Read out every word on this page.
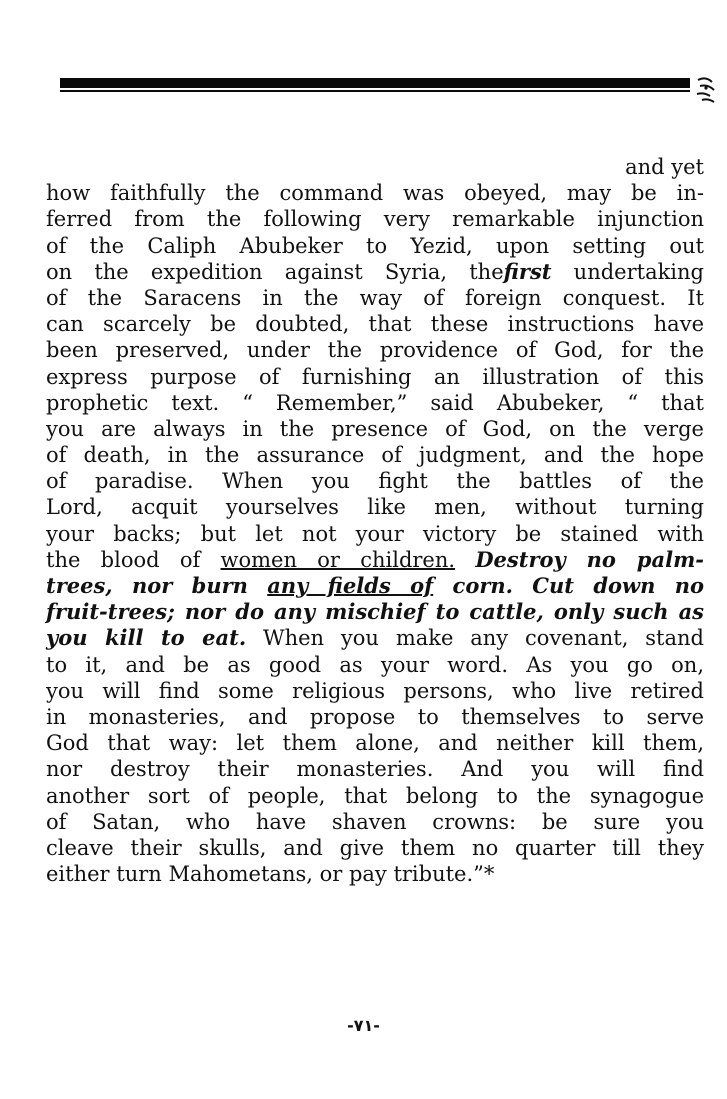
and yet
how faithfully the command was obeyed, may be in-
ferred from the following very remarkable injunction
of the Caliph Abubeker to Yezid, upon setting out
on the expedition against Syria, thefirst undertaking
of the Saracens in the way of foreign conquest. It
can scarcely be doubted, that these instructions have
been preserved, under the providence of God, for the
express purpose of furnishing an illustration of this
prophetic text. “ Remember,” said Abubeker, “ that
you are always in the presence of God, on the verge
of death, in the assurance of judgment, and the hope
of paradise. When you fight the battles of the
Lord, acquit yourselves like men, without turning
your backs; but let not your victory be stained with
the blood of women or children. Destroy no palm-
trees, nor burn any fields of corn. Cut down no
fruit-trees; nor do any mischief to cattle, only such as
you kill to eat. When you make any covenant, stand
to it, and be as good as your word. As you go on,
you will find some religious persons, who live retired
in monasteries, and propose to themselves to serve
God that way: let them alone, and neither kill them,
nor destroy their monasteries. And you will find
another sort of people, that belong to the synagogue
of Satan, who have shaven crowns: be sure you
cleave their skulls, and give them no quarter till they
either turn Mahometans, or pay tribute.”*
-٧١-
